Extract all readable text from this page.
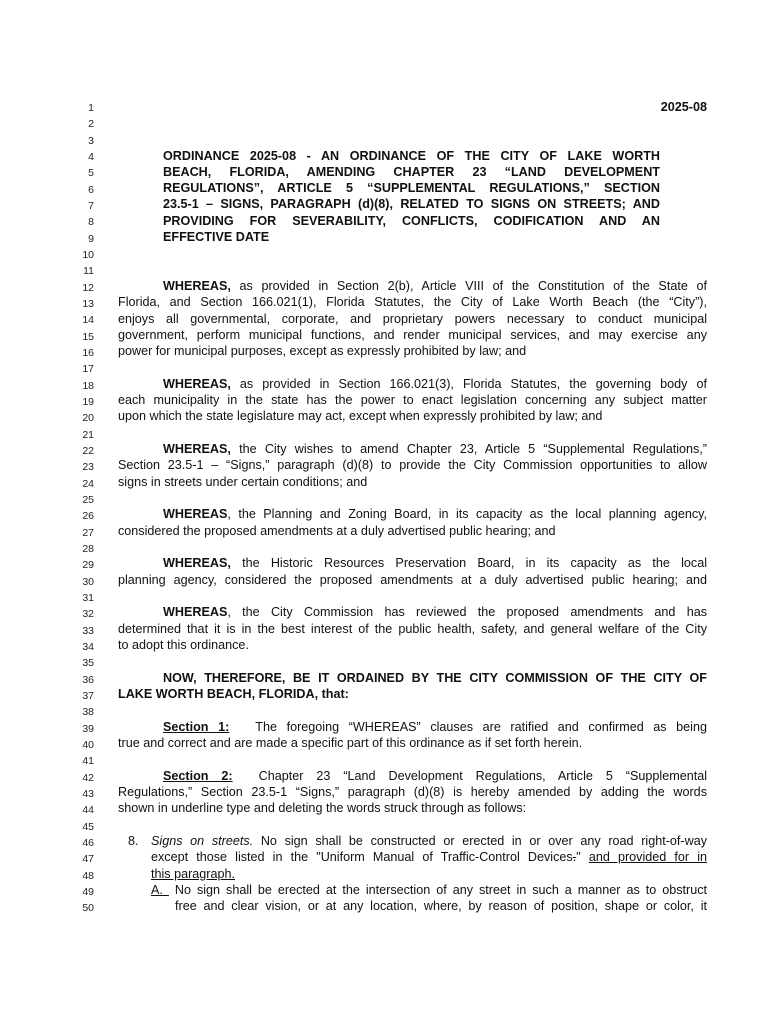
1
2
3
4
5
6
7
8
9
10
11
12
13
14
15
16
17
18
19
20
21
22
23
24
25
26
27
28
29
30
31
32
33
34
35
36
37
38
39
40
41
42
43
44
45
46
47
48
49
50
2025-08
ORDINANCE 2025-08 - AN ORDINANCE OF THE CITY OF LAKE WORTH
BEACH, FLORIDA, AMENDING CHAPTER 23 “LAND DEVELOPMENT
REGULATIONS”, ARTICLE 5 “SUPPLEMENTAL REGULATIONS,” SECTION
23.5-1 – SIGNS, PARAGRAPH (d)(8), RELATED TO SIGNS ON STREETS; AND
PROVIDING FOR SEVERABILITY, CONFLICTS, CODIFICATION AND AN
EFFECTIVE DATE
WHEREAS, as provided in Section 2(b), Article VIII of the Constitution of the State of
Florida, and Section 166.021(1), Florida Statutes, the City of Lake Worth Beach (the “City”),
enjoys all governmental, corporate, and proprietary powers necessary to conduct municipal
government, perform municipal functions, and render municipal services, and may exercise any
power for municipal purposes, except as expressly prohibited by law; and
WHEREAS, as provided in Section 166.021(3), Florida Statutes, the governing body of
each municipality in the state has the power to enact legislation concerning any subject matter
upon which the state legislature may act, except when expressly prohibited by law; and
WHEREAS, the City wishes to amend Chapter 23, Article 5 “Supplemental Regulations,”
Section 23.5-1 – “Signs,” paragraph (d)(8) to provide the City Commission opportunities to allow
signs in streets under certain conditions; and
WHEREAS, the Planning and Zoning Board, in its capacity as the local planning agency,
considered the proposed amendments at a duly advertised public hearing; and
WHEREAS, the Historic Resources Preservation Board, in its capacity as the local
planning agency, considered the proposed amendments at a duly advertised public hearing; and
WHEREAS, the City Commission has reviewed the proposed amendments and has
determined that it is in the best interest of the public health, safety, and general welfare of the City
to adopt this ordinance.
NOW, THEREFORE, BE IT ORDAINED BY THE CITY COMMISSION OF THE CITY OF
LAKE WORTH BEACH, FLORIDA, that:
Section 1: The foregoing “WHEREAS” clauses are ratified and confirmed as being
true and correct and are made a specific part of this ordinance as if set forth herein.
Section 2: Chapter 23 “Land Development Regulations, Article 5 “Supplemental
Regulations,” Section 23.5-1 “Signs,” paragraph (d)(8) is hereby amended by adding the words
shown in underline type and deleting the words struck through as follows:
8. Signs on streets. No sign shall be constructed or erected in or over any road right-of-way
except those listed in the "Uniform Manual of Traffic-Control Devices." and provided for in
this paragraph.
A. No sign shall be erected at the intersection of any street in such a manner as to obstruct
free and clear vision, or at any location, where, by reason of position, shape or color, it
